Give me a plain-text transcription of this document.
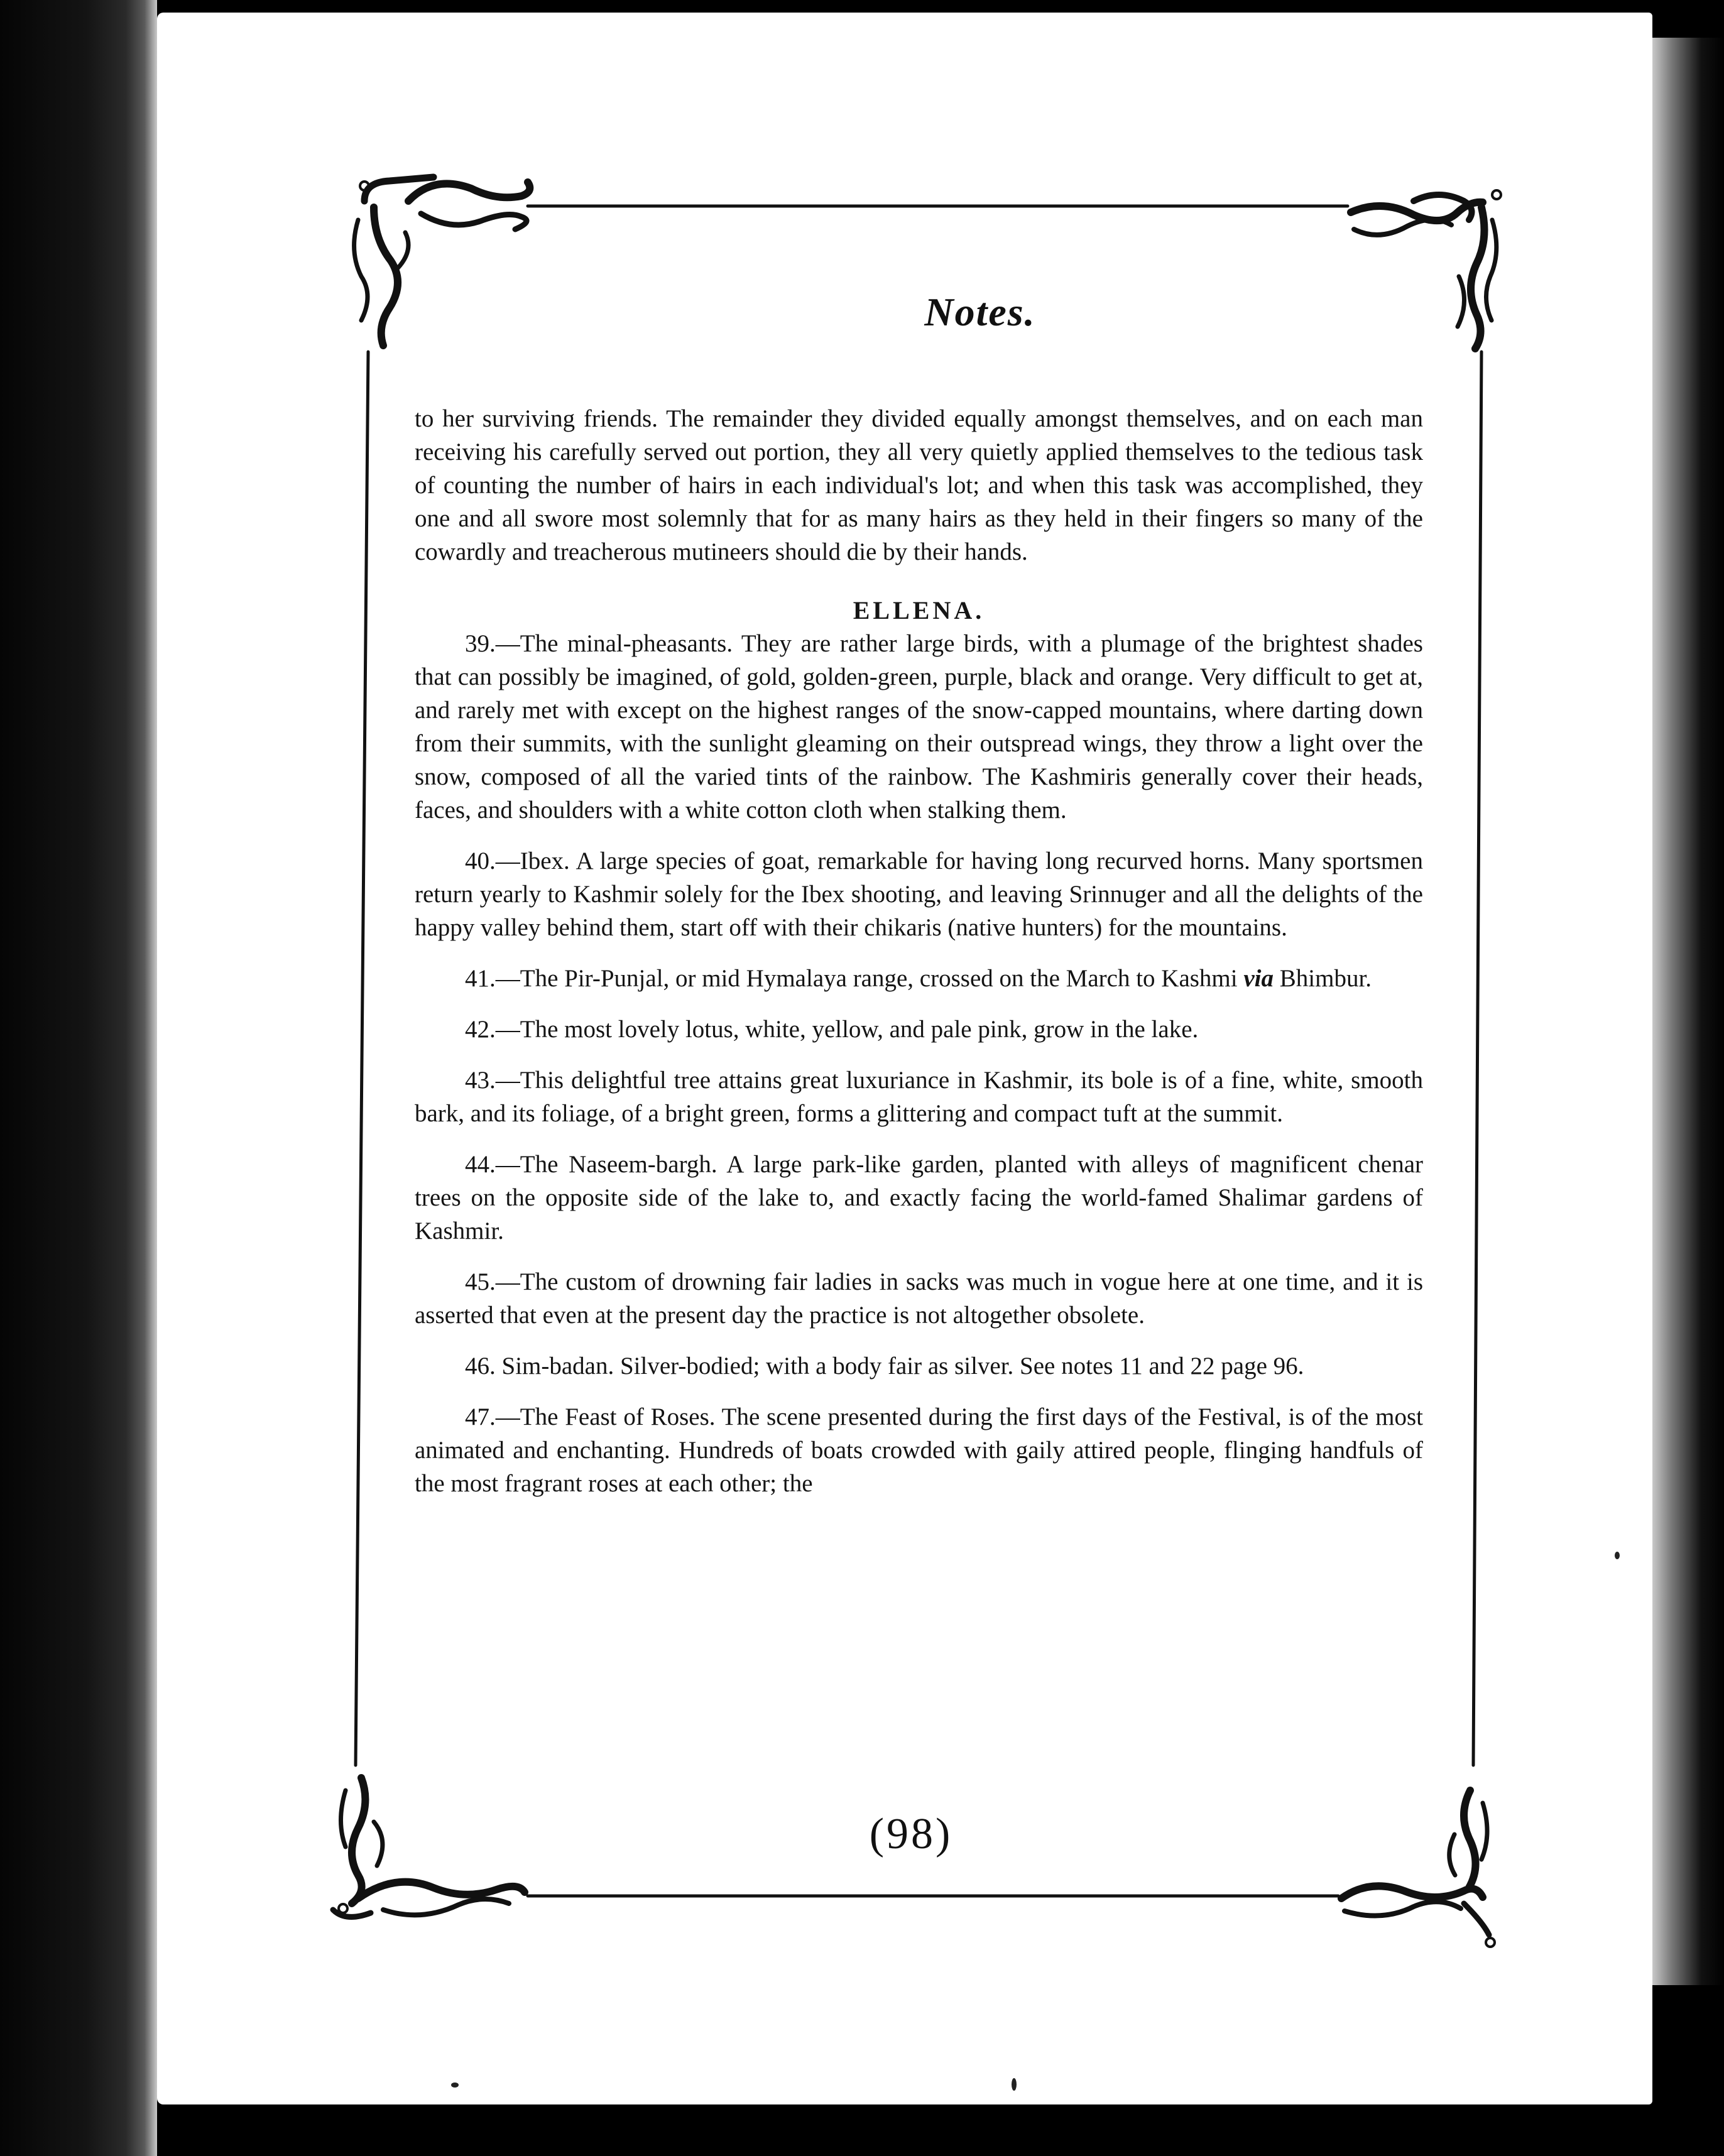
Notes.

to her surviving friends. The remainder they divided equally amongst themselves, and on each man receiving his carefully served out portion, they all very quietly applied themselves to the tedious task of counting the number of hairs in each individual's lot; and when this task was accomplished, they one and all swore most solemnly that for as many hairs as they held in their fingers so many of the cowardly and treacherous mutineers should die by their hands.

ELLENA.

39.—The minal-pheasants. They are rather large birds, with a plumage of the brightest shades that can possibly be imagined, of gold, golden-green, purple, black and orange. Very difficult to get at, and rarely met with except on the highest ranges of the snow-capped mountains, where darting down from their summits, with the sunlight gleaming on their outspread wings, they throw a light over the snow, composed of all the varied tints of the rainbow. The Kashmiris generally cover their heads, faces, and shoulders with a white cotton cloth when stalking them.

40.—Ibex. A large species of goat, remarkable for having long recurved horns. Many sportsmen return yearly to Kashmir solely for the Ibex shooting, and leaving Srinnuger and all the delights of the happy valley behind them, start off with their chikaris (native hunters) for the mountains.

41.—The Pir-Punjal, or mid Hymalaya range, crossed on the March to Kashmi via Bhimbur.

42.—The most lovely lotus, white, yellow, and pale pink, grow in the lake.

43.—This delightful tree attains great luxuriance in Kashmir, its bole is of a fine, white, smooth bark, and its foliage, of a bright green, forms a glittering and compact tuft at the summit.

44.—The Naseem-bargh. A large park-like garden, planted with alleys of magnificent chenar trees on the opposite side of the lake to, and exactly facing the world-famed Shalimar gardens of Kashmir.

45.—The custom of drowning fair ladies in sacks was much in vogue here at one time, and it is asserted that even at the present day the practice is not altogether obsolete.

46. Sim-badan. Silver-bodied; with a body fair as silver. See notes 11 and 22 page 96.

47.—The Feast of Roses. The scene presented during the first days of the Festival, is of the most animated and enchanting. Hundreds of boats crowded with gaily attired people, flinging handfuls of the most fragrant roses at each other; the

(98)
